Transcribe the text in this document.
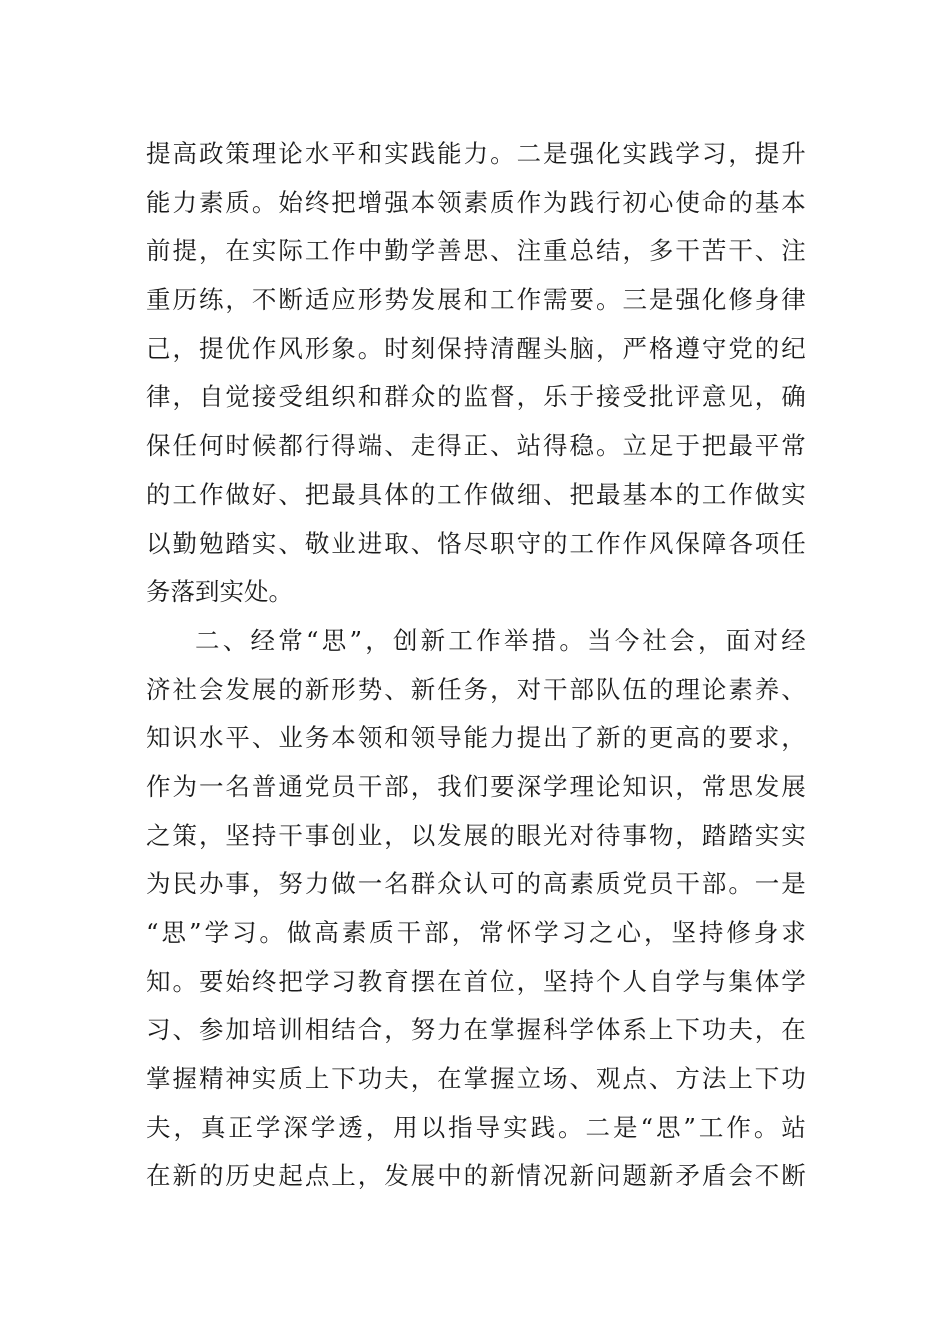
提 高 政 策 理 论 水 平 和 实 践 能 力 。 二 是 强 化 实 践 学 习 ， 提 升
能 力 素 质 。 始 终 把 增 强 本 领 素 质 作 为 践 行 初 心 使 命 的 基 本
前 提 ， 在 实 际 工 作 中 勤 学 善 思 、 注 重 总 结 ， 多 干 苦 干 、 注
重 历 练 ， 不 断 适 应 形 势 发 展 和 工 作 需 要 。 三 是 强 化 修 身 律
己 ， 提 优 作 风 形 象 。 时 刻 保 持 清 醒 头 脑 ， 严 格 遵 守 党 的 纪
律 ， 自 觉 接 受 组 织 和 群 众 的 监 督 ， 乐 于 接 受 批 评 意 见 ， 确
保 任 何 时 候 都 行 得 端 、 走 得 正 、 站 得 稳 。 立 足 于 把 最 平 常
的 工 作 做 好 、 把 最 具 体 的 工 作 做 细 、 把 最 基 本 的 工 作 做 实
以 勤 勉 踏 实 、 敬 业 进 取 、 恪 尽 职 守 的 工 作 作 风 保 障 各 项 任
务落到实处。
二 、 经 常 “ 思 ” ， 创 新 工 作 举 措 。 当 今 社 会 ， 面 对 经
济 社 会 发 展 的 新 形 势 、 新 任 务 ， 对 干 部 队 伍 的 理 论 素 养 、
知 识 水 平 、 业 务 本 领 和 领 导 能 力 提 出 了 新 的 更 高 的 要 求 ，
作 为 一 名 普 通 党 员 干 部 ， 我 们 要 深 学 理 论 知 识 ， 常 思 发 展
之 策 ， 坚 持 干 事 创 业 ， 以 发 展 的 眼 光 对 待 事 物 ， 踏 踏 实 实
为 民 办 事 ， 努 力 做 一 名 群 众 认 可 的 高 素 质 党 员 干 部 。 一 是
“ 思 ” 学 习 。 做 高 素 质 干 部 ， 常 怀 学 习 之 心 ， 坚 持 修 身 求
知 。 要 始 终 把 学 习 教 育 摆 在 首 位 ， 坚 持 个 人 自 学 与 集 体 学
习 、 参 加 培 训 相 结 合 ， 努 力 在 掌 握 科 学 体 系 上 下 功 夫 ， 在
掌 握 精 神 实 质 上 下 功 夫 ， 在 掌 握 立 场 、 观 点 、 方 法 上 下 功
夫 ， 真 正 学 深 学 透 ， 用 以 指 导 实 践 。 二 是 “ 思 ” 工 作 。 站
在 新 的 历 史 起 点 上 ， 发 展 中 的 新 情 况 新 问 题 新 矛 盾 会 不 断
